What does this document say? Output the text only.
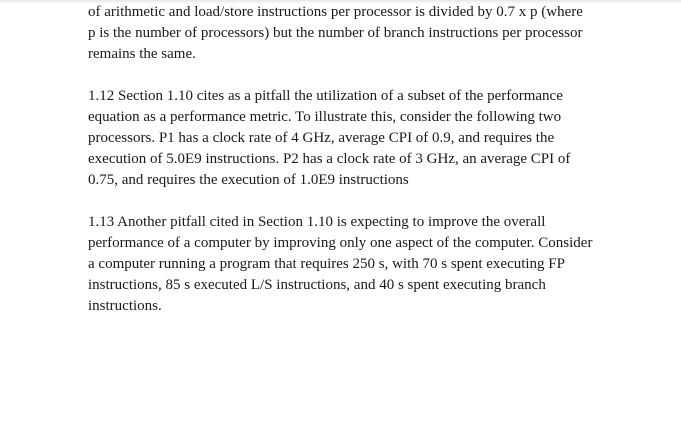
of arithmetic and load/store instructions per processor is divided by 0.7 x p (where
p is the number of processors) but the number of branch instructions per processor
remains the same.

1.12 Section 1.10 cites as a pitfall the utilization of a subset of the performance
equation as a performance metric. To illustrate this, consider the following two
processors. P1 has a clock rate of 4 GHz, average CPI of 0.9, and requires the
execution of 5.0E9 instructions. P2 has a clock rate of 3 GHz, an average CPI of
0.75, and requires the execution of 1.0E9 instructions

1.13 Another pitfall cited in Section 1.10 is expecting to improve the overall
performance of a computer by improving only one aspect of the computer. Consider
a computer running a program that requires 250 s, with 70 s spent executing FP
instructions, 85 s executed L/S instructions, and 40 s spent executing branch
instructions.
